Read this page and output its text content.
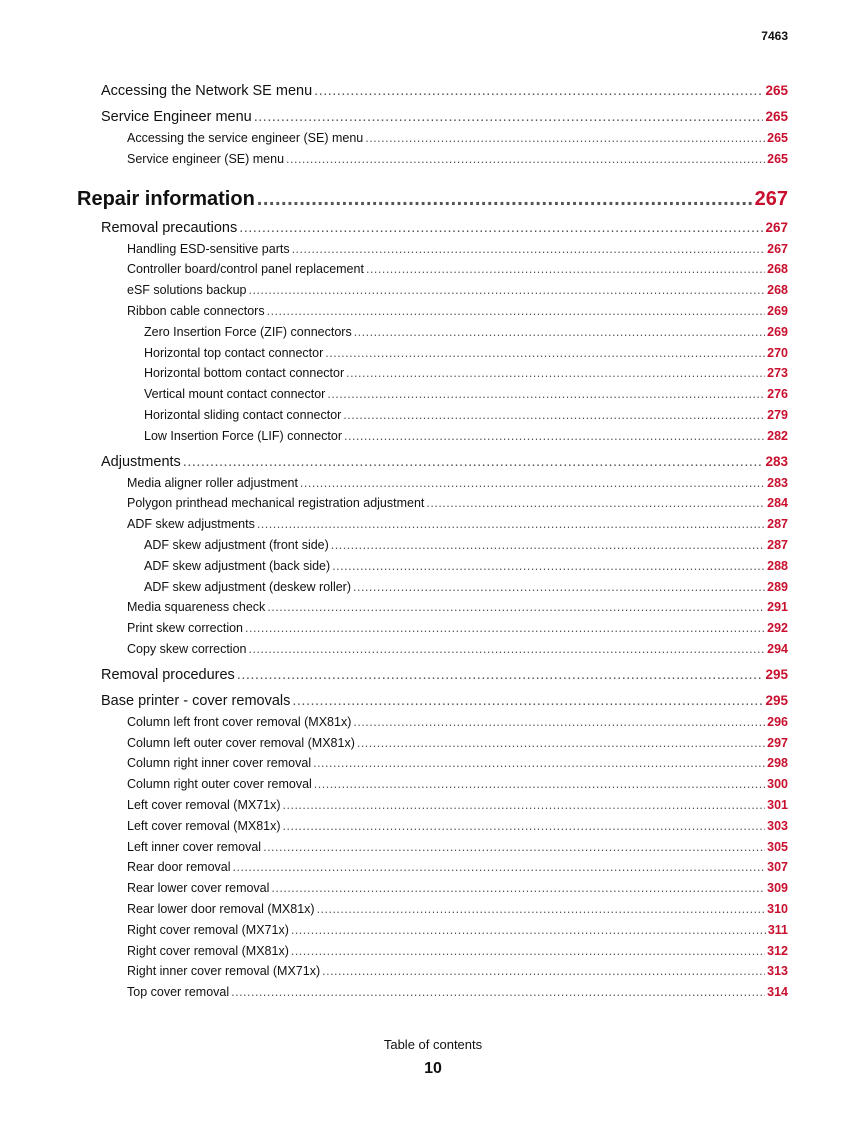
7463
Accessing the Network SE menu .....	265
Service Engineer menu .....	265
Accessing the service engineer (SE) menu .....	265
Service engineer (SE) menu .....	265
Repair information .....	267
Removal precautions .....	267
Handling ESD-sensitive parts .....	267
Controller board/control panel replacement .....	268
eSF solutions backup .....	268
Ribbon cable connectors .....	269
Zero Insertion Force (ZIF) connectors .....	269
Horizontal top contact connector .....	270
Horizontal bottom contact connector .....	273
Vertical mount contact connector .....	276
Horizontal sliding contact connector .....	279
Low Insertion Force (LIF) connector .....	282
Adjustments .....	283
Media aligner roller adjustment .....	283
Polygon printhead mechanical registration adjustment .....	284
ADF skew adjustments .....	287
ADF skew adjustment (front side) .....	287
ADF skew adjustment (back side) .....	288
ADF skew adjustment (deskew roller) .....	289
Media squareness check .....	291
Print skew correction .....	292
Copy skew correction .....	294
Removal procedures .....	295
Base printer - cover removals .....	295
Column left front cover removal (MX81x) .....	296
Column left outer cover removal (MX81x) .....	297
Column right inner cover removal .....	298
Column right outer cover removal .....	300
Left cover removal (MX71x) .....	301
Left cover removal (MX81x) .....	303
Left inner cover removal .....	305
Rear door removal .....	307
Rear lower cover removal .....	309
Rear lower door removal (MX81x) .....	310
Right cover removal (MX71x) .....	311
Right cover removal (MX81x) .....	312
Right inner cover removal (MX71x) .....	313
Top cover removal .....	314
Table of contents
10
